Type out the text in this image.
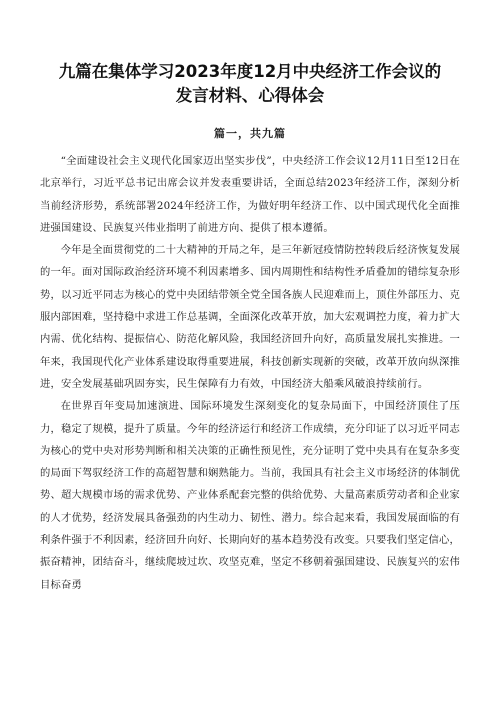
九篇在集体学习2023年度12月中央经济工作会议的发言材料、心得体会
篇一，共九篇

“全面建设社会主义现代化国家迈出坚实步伐”，中央经济工作会议12月11日至12日在北京举行，习近平总书记出席会议并发表重要讲话，全面总结2023年经济工作，深刻分析当前经济形势，系统部署2024年经济工作，为做好明年经济工作、以中国式现代化全面推进强国建设、民族复兴伟业指明了前进方向、提供了根本遵循。

今年是全面贯彻党的二十大精神的开局之年，是三年新冠疫情防控转段后经济恢复发展的一年。面对国际政治经济环境不利因素增多、国内周期性和结构性矛盾叠加的错综复杂形势，以习近平同志为核心的党中央团结带领全党全国各族人民迎难而上，顶住外部压力、克服内部困难，坚持稳中求进工作总基调，全面深化改革开放，加大宏观调控力度，着力扩大内需、优化结构、提振信心、防范化解风险，我国经济回升向好，高质量发展扎实推进。一年来，我国现代化产业体系建设取得重要进展，科技创新实现新的突破，改革开放向纵深推进，安全发展基础巩固夯实，民生保障有力有效，中国经济大船乘风破浪持续前行。

在世界百年变局加速演进、国际环境发生深刻变化的复杂局面下，中国经济顶住了压力，稳定了规模，提升了质量。今年的经济运行和经济工作成绩，充分印证了以习近平同志为核心的党中央对形势判断和相关决策的正确性预见性，充分证明了党中央具有在复杂多变的局面下驾驭经济工作的高超智慧和娴熟能力。当前，我国具有社会主义市场经济的体制优势、超大规模市场的需求优势、产业体系配套完整的供给优势、大量高素质劳动者和企业家的人才优势，经济发展具备强劲的内生动力、韧性、潜力。综合起来看，我国发展面临的有利条件强于不利因素，经济回升向好、长期向好的基本趋势没有改变。只要我们坚定信心，振奋精神，团结奋斗，继续爬坡过坎、攻坚克难，坚定不移朝着强国建设、民族复兴的宏伟目标奋勇
